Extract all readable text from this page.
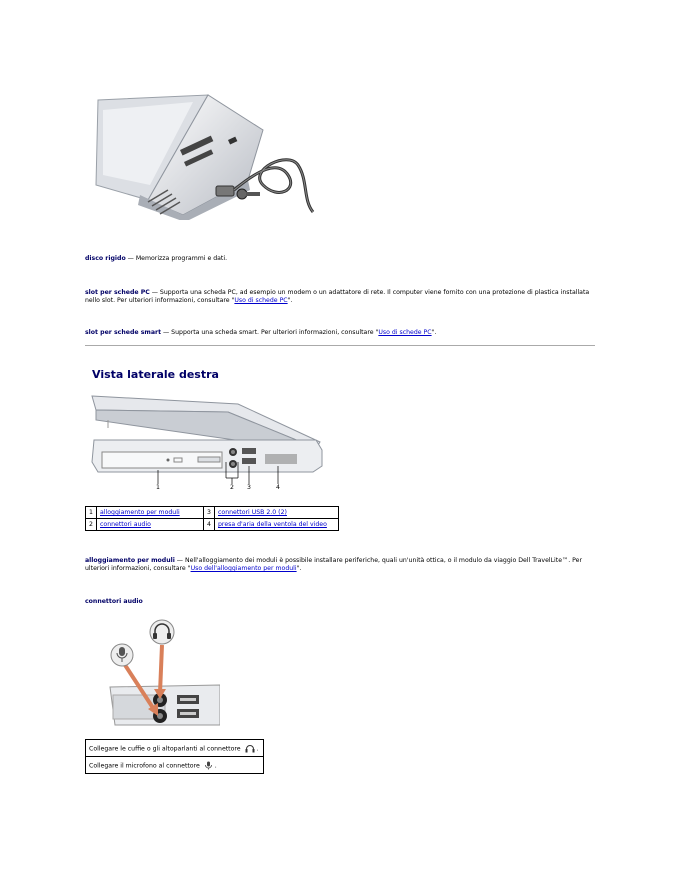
disco rigido — Memorizza programmi e dati.
slot per schede PC — Supporta una scheda PC, ad esempio un modem o un adattatore di rete. Il computer viene fornito con una protezione di plastica installata nello slot. Per ulteriori informazioni, consultare "Uso di schede PC".
slot per schede smart — Supporta una scheda smart. Per ulteriori informazioni, consultare "Uso di schede PC".
Vista laterale destra
1	2 3	4
1	alloggiamento per moduli	3	connettori USB 2.0 (2)
2	connettori audio	4	presa d'aria della ventola del video
alloggiamento per moduli — Nell'alloggiamento dei moduli è possibile installare periferiche, quali un'unità ottica, o il modulo da viaggio Dell TravelLite™. Per ulteriori informazioni, consultare "Uso dell'alloggiamento per moduli".
connettori audio
Collegare le cuffie o gli altoparlanti al connettore	.
Collegare il microfono al connettore .
